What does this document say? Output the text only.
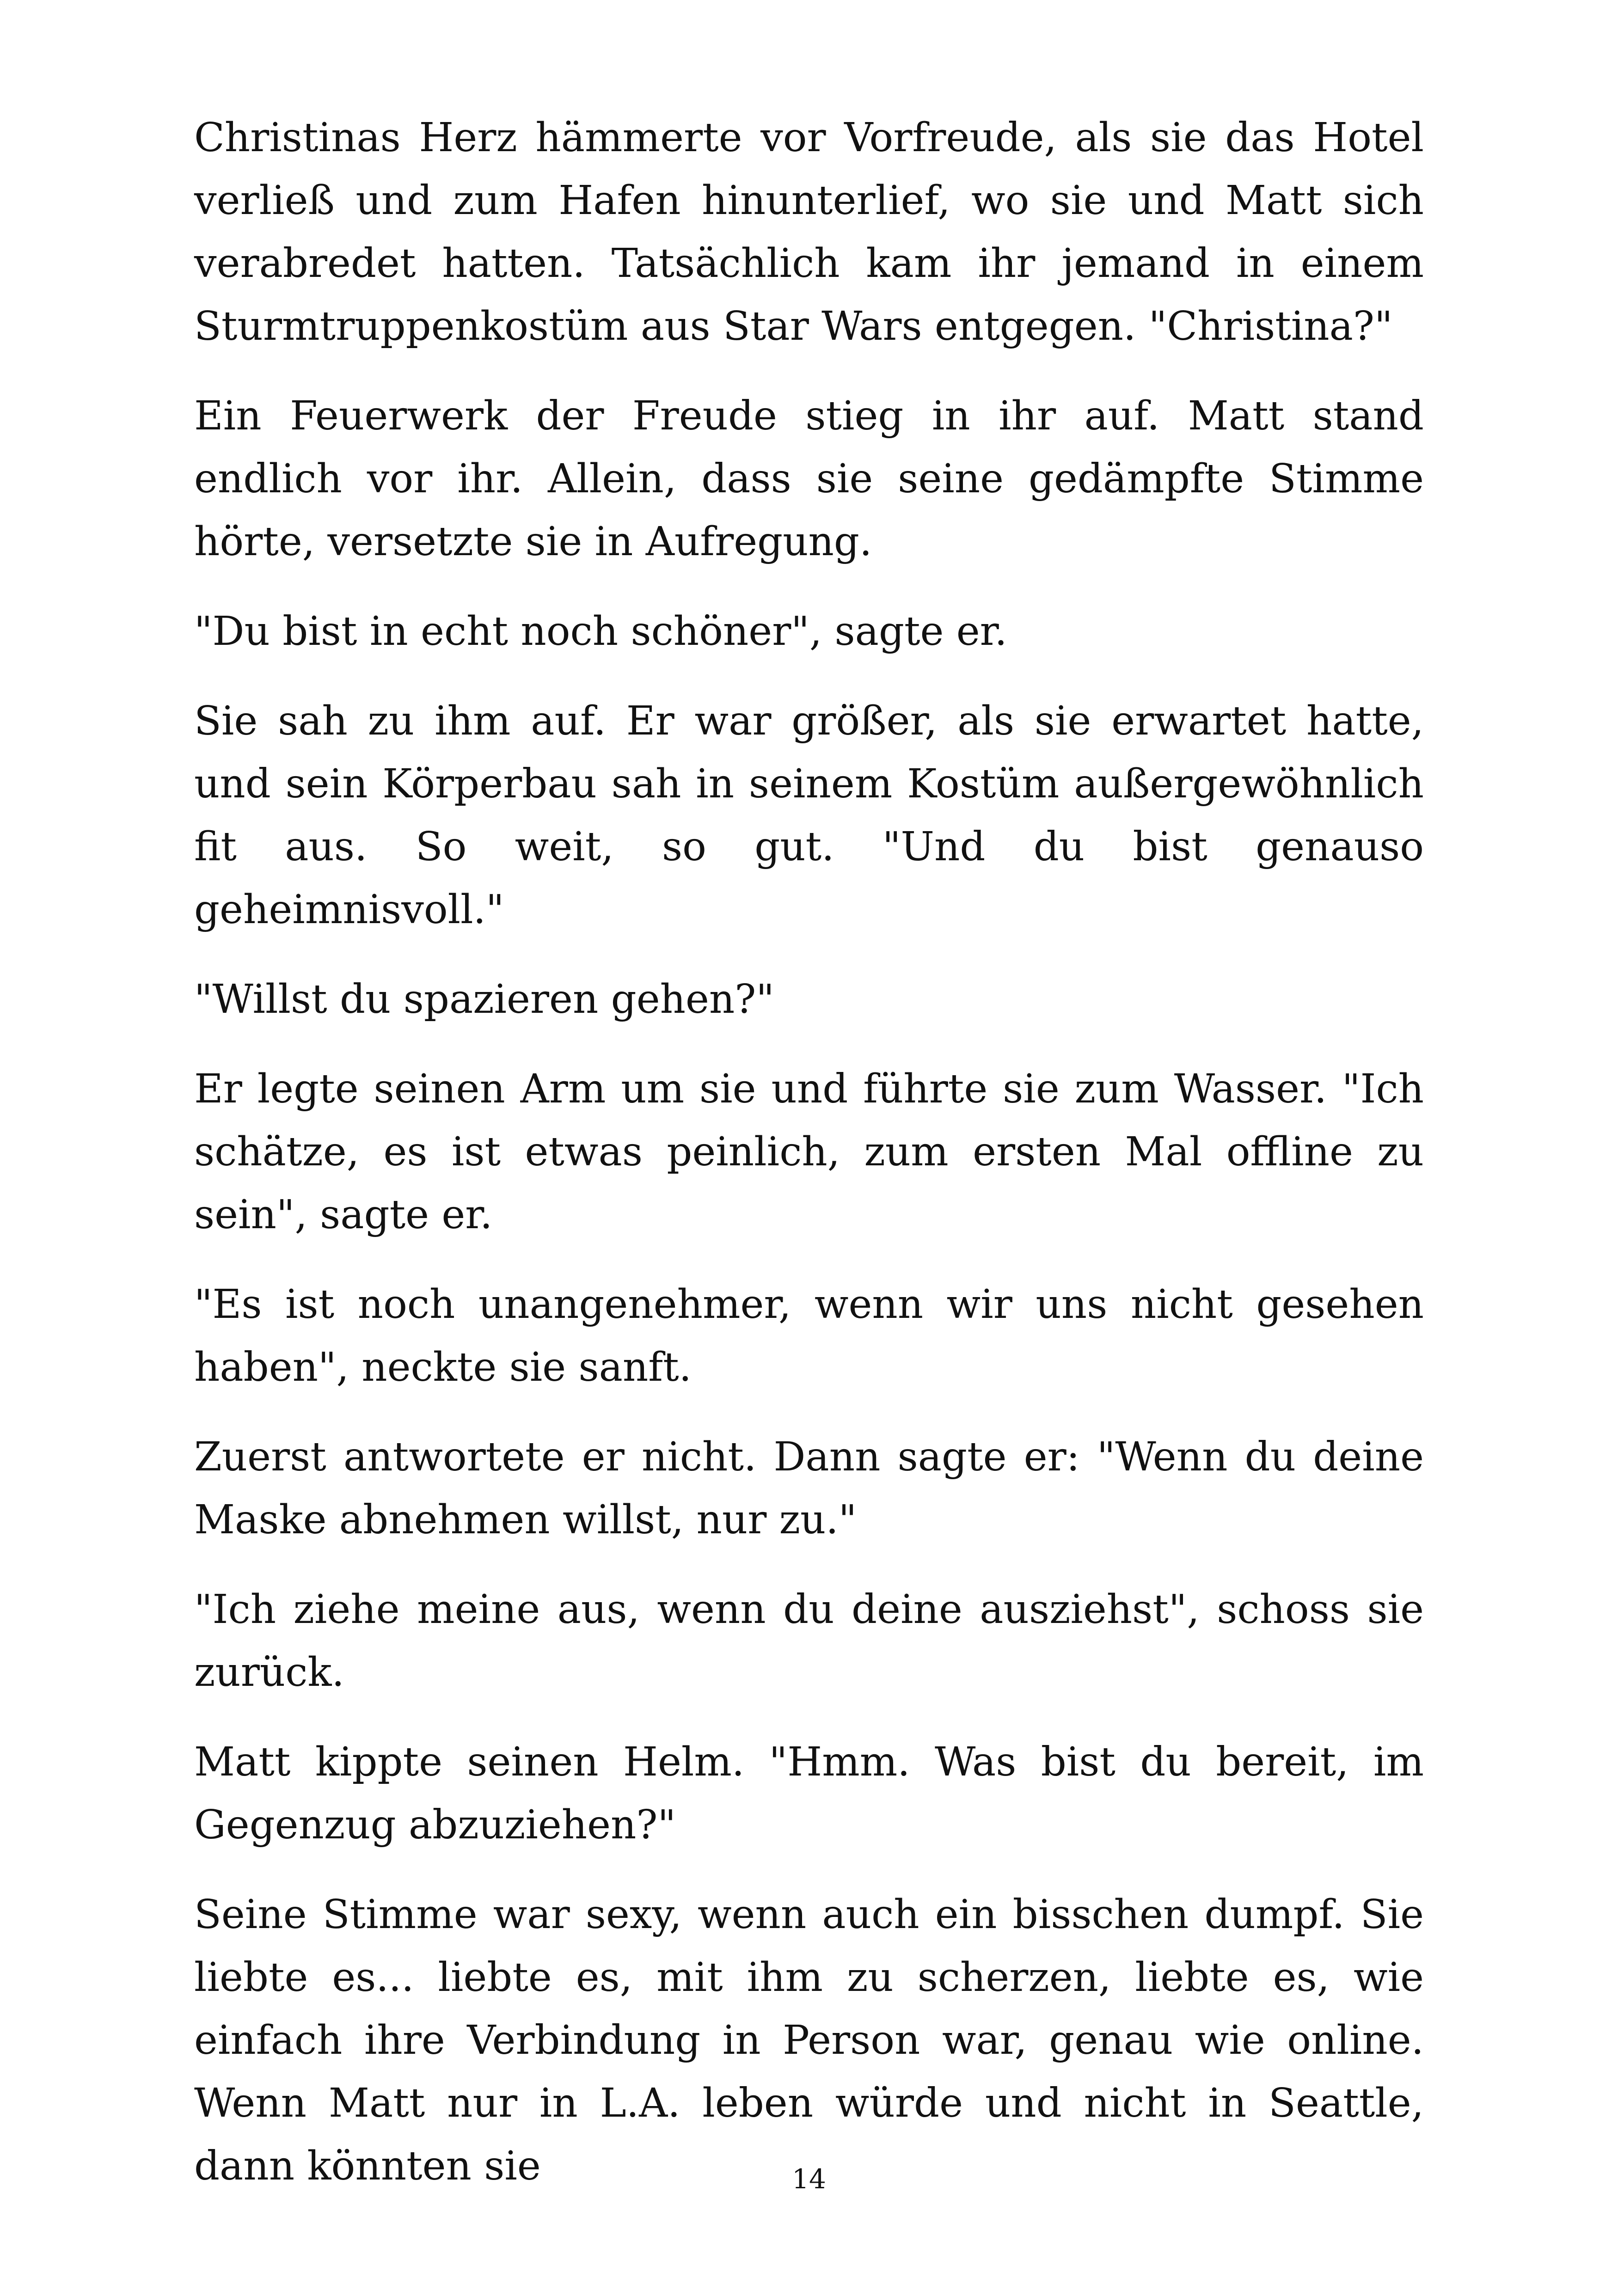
Christinas Herz hämmerte vor Vorfreude, als sie das Hotel verließ und zum Hafen hinunterlief, wo sie und Matt sich verabredet hatten. Tatsächlich kam ihr jemand in einem Sturmtruppenkostüm aus Star Wars entgegen. "Christina?"

Ein Feuerwerk der Freude stieg in ihr auf. Matt stand endlich vor ihr. Allein, dass sie seine gedämpfte Stimme hörte, versetzte sie in Aufregung.

"Du bist in echt noch schöner", sagte er.

Sie sah zu ihm auf. Er war größer, als sie erwartet hatte, und sein Körperbau sah in seinem Kostüm außergewöhnlich fit aus. So weit, so gut. "Und du bist genauso geheimnisvoll."

"Willst du spazieren gehen?"

Er legte seinen Arm um sie und führte sie zum Wasser. "Ich schätze, es ist etwas peinlich, zum ersten Mal offline zu sein", sagte er.

"Es ist noch unangenehmer, wenn wir uns nicht gesehen haben", neckte sie sanft.

Zuerst antwortete er nicht. Dann sagte er: "Wenn du deine Maske abnehmen willst, nur zu."

"Ich ziehe meine aus, wenn du deine ausziehst", schoss sie zurück.

Matt kippte seinen Helm. "Hmm. Was bist du bereit, im Gegenzug abzuziehen?"

Seine Stimme war sexy, wenn auch ein bisschen dumpf. Sie liebte es... liebte es, mit ihm zu scherzen, liebte es, wie einfach ihre Verbindung in Person war, genau wie online. Wenn Matt nur in L.A. leben würde und nicht in Seattle, dann könnten sie	14
